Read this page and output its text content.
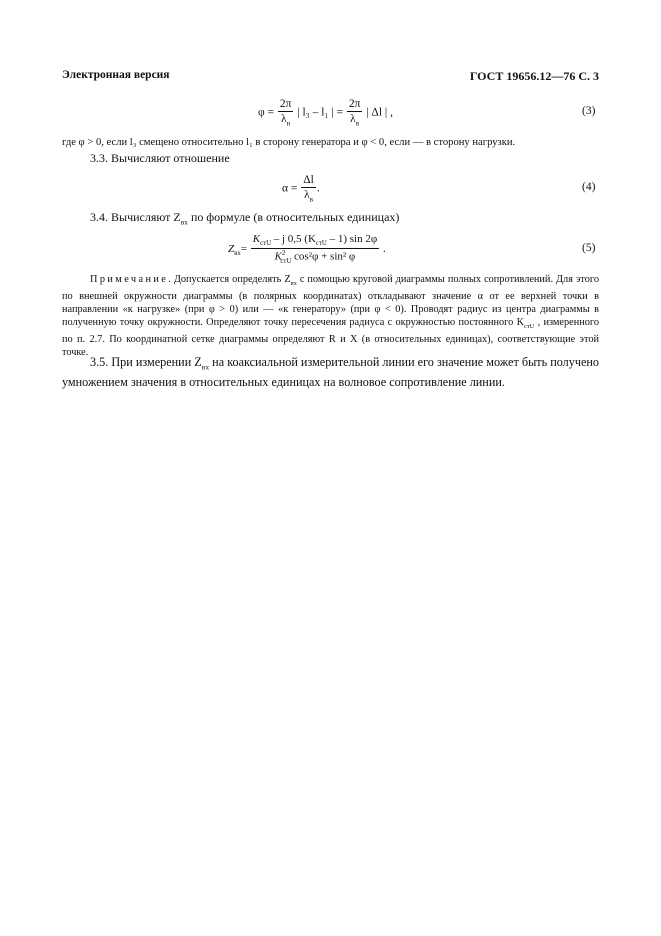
Электронная версия	ГОСТ 19656.12—76 С. 3
$\varphi = \frac{2\pi}{\lambda_н}$ | l₃ – l₁ | = $\frac{2\pi}{\lambda_в}$ | Δl | ,	(3)
где φ > 0, если l₃ смещено относительно l₁ в сторону генератора и φ < 0, если — в сторону нагрузки.
3.3. Вычисляют отношение
$\alpha = \frac{\Delta l}{\lambda_в}$ .	(4)
3.4. Вычисляют $Z_{вх}$ по формуле (в относительных единицах)
$Z_{вх}= \frac{K_{стU} - j 0,5 (K_{стU} - 1) \sin 2\varphi}{K^2_{стU} \cos^2\varphi + \sin^2 \varphi}$ .	(5)
Примечание. Допускается определять $Z_{вх}$ с помощью круговой диаграммы полных сопротивлений. Для этого по внешней окружности диаграммы (в полярных координатах) откладывают значение α от ее верхней точки в направлении «к нагрузке» (при φ > 0) или — «к генератору» (при φ < 0). Проводят радиус из центра диаграммы в полученную точку окружности. Определяют точку пересечения радиуса с окружностью постоянного $K_{стU}$ , измеренного по п. 2.7. По координатной сетке диаграммы определяют R и X (в относительных единицах), соответствующие этой точке.
3.5. При измерении $Z_{вх}$ на коаксиальной измерительной линии его значение может быть получено умножением значения в относительных единицах на волновое сопротивление линии.
